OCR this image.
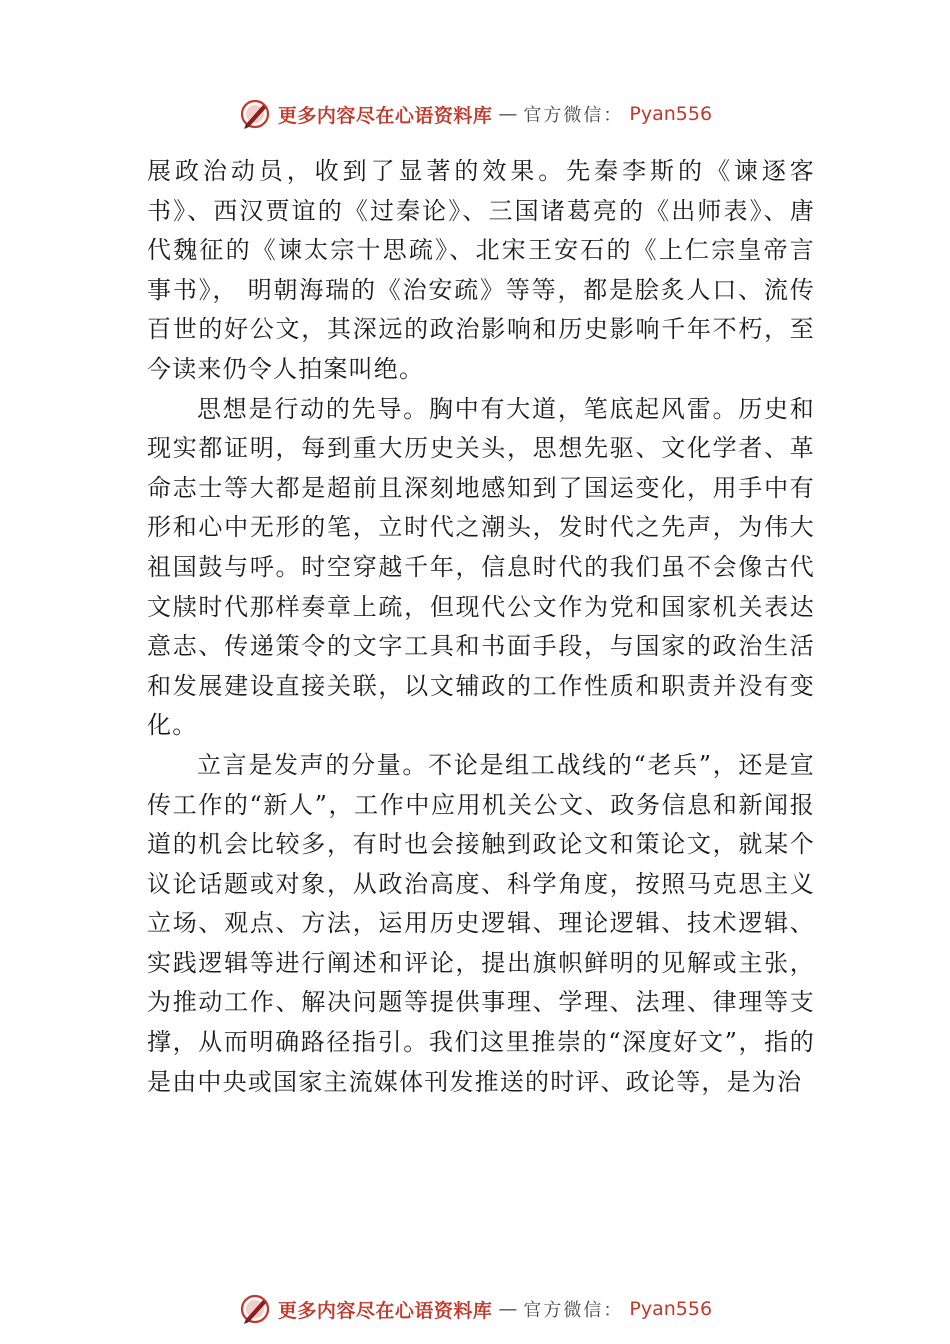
更多内容尽在心语资料库 — 官方微信： Pyan556

展政治动员，收到了显著的效果。先秦李斯的《谏逐客书》、西汉贾谊的《过秦论》、三国诸葛亮的《出师表》、唐代魏征的《谏太宗十思疏》、北宋王安石的《上仁宗皇帝言事书》， 明朝海瑞的《治安疏》等等，都是脍炙人口、流传百世的好公文，其深远的政治影响和历史影响千年不朽，至今读来仍令人拍案叫绝。

思想是行动的先导。胸中有大道，笔底起风雷。历史和现实都证明，每到重大历史关头，思想先驱、文化学者、革 命志士等大都是超前且深刻地感知到了国运变化，用手中有形和心中无形的笔，立时代之潮头，发时代之先声，为伟大祖国鼓与呼。时空穿越千年，信息时代的我们虽不会像古代文牍时代那样奏章上疏，但现代公文作为党和国家机关表达意志、传递策令的文字工具和书面手段，与国家的政治生活和发展建设直接关联，以文辅政的工作性质和职责并没有变化。

立言是发声的分量。不论是组工战线的“老兵”，还是宣传工作的“新人”，工作中应用机关公文、政务信息和新闻报道的机会比较多，有时也会接触到政论文和策论文，就某个议论话题或对象，从政治高度、科学角度，按照马克思主义立场、观点、方法，运用历史逻辑、理论逻辑、技术逻辑、 实践逻辑等进行阐述和评论，提出旗帜鲜明的见解或主张， 为推动工作、解决问题等提供事理、学理、法理、律理等支撑，从而明确路径指引。我们这里推崇的“深度好文”，指的是由中央或国家主流媒体刊发推送的时评、政论等，是为治

更多内容尽在心语资料库 — 官方微信： Pyan556
